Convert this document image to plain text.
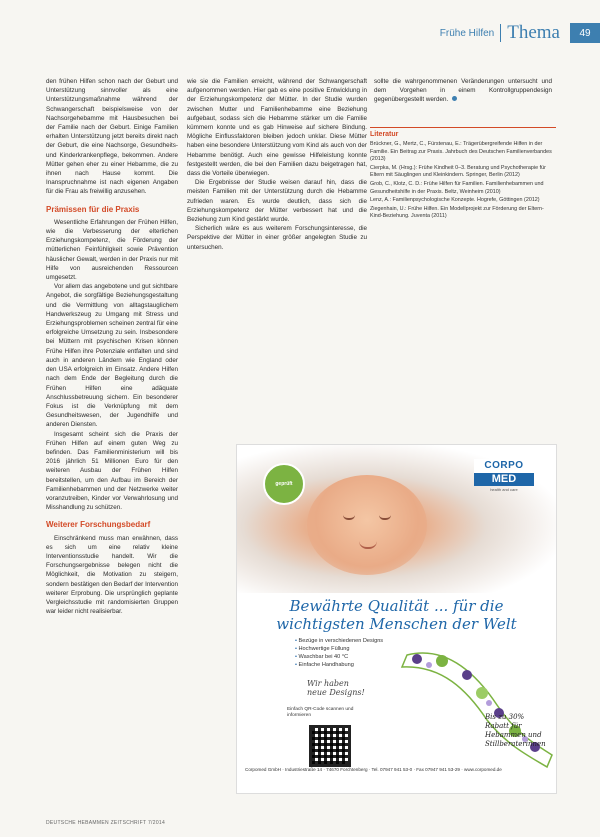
Frühe Hilfen Thema	49

den frühen Hilfen schon nach der Geburt und Unterstützung sinnvoller als eine Unterstützungsmaßnahme während der Schwangerschaft beispielsweise von der Nachsorgehebamme mit Hausbesuchen bei der Familie nach der Geburt. Einige Familien erhalten Unterstützung jetzt bereits direkt nach der Geburt, die eine Nachsorge, Gesundheits- und Kinderkrankenpflege, bekommen. Andere Mütter gehen eher zu einer Hebamme, die zu ihnen nach Hause kommt. Die Inanspruchnahme ist nach eigenen Angaben für die Frau als freiwillig anzusehen.

Prämissen für die Praxis

Wesentliche Erfahrungen der Frühen Hilfen, wie die Verbesserung der elterlichen Erziehungskompetenz, die Förderung der mütterlichen Feinfühligkeit sowie Prävention häuslicher Gewalt, werden in der Praxis nur mit Hilfe von ausreichenden Ressourcen umgesetzt.

Vor allem das angebotene und gut sichtbare Angebot, die sorgfältige Beziehungsgestaltung und die Vermittlung von alltagstauglichem Handwerkszeug zu Umgang mit Stress und Erziehungsproblemen scheinen zentral für eine erfolgreiche Umsetzung zu sein. Insbesondere bei Müttern mit psychischen Krisen können Frühe Hilfen ihre Potenziale entfalten und sind auch in anderen Ländern wie England oder den USA erfolgreich im Einsatz. Andere Hilfen nach dem Ende der Begleitung durch die Frühen Hilfen eine adäquate Anschlussbetreuung sichern. Ein besonderer Fokus ist die Verknüpfung mit dem Gesundheitswesen, der Jugendhilfe und anderen Diensten.

Insgesamt scheint sich die Praxis der Frühen Hilfen auf einem guten Weg zu befinden. Das Familienministerium will bis 2016 jährlich 51 Millionen Euro für den weiteren Ausbau der Frühen Hilfen bereitstellen, um den Aufbau im Bereich der Familienhebammen und der Netzwerke weiter voranzutreiben, Kinder vor Verwahrlosung und Misshandlung zu schützen.

Weiterer Forschungsbedarf

Einschränkend muss man erwähnen, dass es sich um eine relativ kleine Interventionsstudie handelt. Wir die Forschungsergebnisse belegen nicht die Möglichkeit, die Motivation zu steigern, sondern bestätigen den Bedarf der Intervention weiterer Erprobung. Die ursprünglich geplante Vergleichsstudie mit randomisierten Gruppen war leider nicht realisierbar.

wie sie die Familien erreicht, während der Schwangerschaft aufgenommen werden. Hier gab es eine positive Entwicklung in der Erziehungskompetenz der Mütter. In der Studie wurden zwischen Mutter und Familienhebamme eine Beziehung aufgebaut, sodass sich die Hebamme stärker um die Familie kümmern konnte und es gab Hinweise auf sichere Bindung. Mögliche Einflussfaktoren bleiben jedoch unklar. Diese Mütter haben eine besondere Unterstützung vom Kind als auch von der Hebamme benötigt. Auch eine gewisse Hilfeleistung konnte festgestellt werden, die bei den Familien dazu beigetragen hat, dass die Vorteile überwiegen.

Die Ergebnisse der Studie weisen darauf hin, dass die meisten Familien mit der Unterstützung durch die Hebamme zufrieden waren. Es wurde deutlich, dass sich die Erziehungskompetenz der Mütter verbessert hat und die Beziehung zum Kind gestärkt wurde.

Sicherlich wäre es aus weiterem Forschungsinteresse, die Perspektive der Mütter in einer größer angelegten Studie zu untersuchen.

sollte die wahrgenommenen Veränderungen untersucht und dem Vorgehen in einem Kontrollgruppendesign gegenübergestellt werden.

Literatur
Brückner, G., Mertz, C., Fürstenau, E.: Trägerübergreifende Hilfen in der Familie. Ein Beitrag zur Praxis. Jahrbuch des Deutschen Familienverbandes (2013)
Cierpka, M. (Hrsg.): Frühe Kindheit 0–3. Beratung und Psychotherapie für Eltern mit Säuglingen und Kleinkindern. Springer, Berlin (2012)
Grob, C., Klotz, C. D.: Frühe Hilfen für Familien. Familienhebammen und Gesundheitshilfe in der Praxis. Beltz, Weinheim (2010)
Lenz, A.: Familienpsychologische Konzepte. Hogrefe, Göttingen (2012)
Ziegenhain, U.: Frühe Hilfen. Ein Modellprojekt zur Förderung der Eltern-Kind-Beziehung. Juventa (2011)
geprüft
CORPO
MED
health and care
Bewährte Qualität ... für die
wichtigsten Menschen der Welt
• Bezüge in verschiedenen Designs
• Hochwertige Füllung
• Waschbar bei 40 °C
• Einfache Handhabung
Wir haben neue Designs!
Einfach QR-Code scannen und informieren	Bis zu 30% Rabatt für Hebammen und Stillberaterinnen
Corpomed GmbH · Industriestraße 14 · 74670 Forchtenberg · Tel. 07947 941 53-0 · Fax 07947 941 53-29 · www.corpomed.de
DEUTSCHE HEBAMMEN ZEITSCHRIFT 7/2014
